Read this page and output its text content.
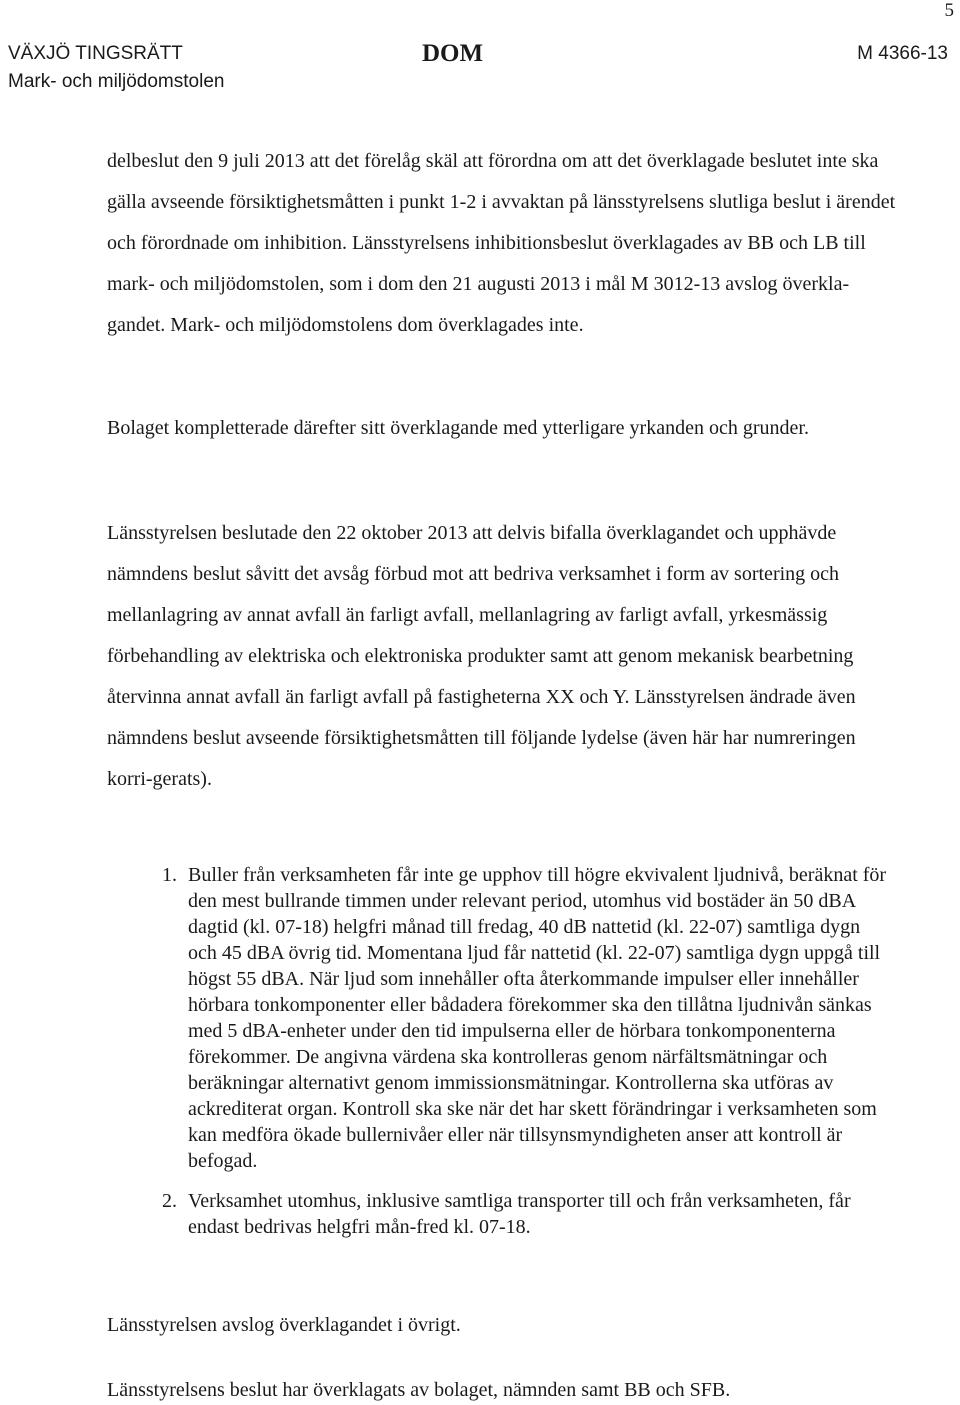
5
VÄXJÖ TINGSRÄTT
Mark- och miljödomstolen
DOM	M 4366-13

delbeslut den 9 juli 2013 att det förelåg skäl att förordna om att det överklagade beslutet inte ska gälla avseende försiktighetsmåtten i punkt 1-2 i avvaktan på länsstyrelsens slutliga beslut i ärendet och förordnade om inhibition. Länsstyrelsens inhibitionsbeslut överklagades av BB och LB till mark- och miljödomstolen, som i dom den 21 augusti 2013 i mål M 3012-13 avslog överkla-gandet. Mark- och miljödomstolens dom överklagades inte.

Bolaget kompletterade därefter sitt överklagande med ytterligare yrkanden och grunder.

Länsstyrelsen beslutade den 22 oktober 2013 att delvis bifalla överklagandet och upphävde nämndens beslut såvitt det avsåg förbud mot att bedriva verksamhet i form av sortering och mellanlagring av annat avfall än farligt avfall, mellanlagring av farligt avfall, yrkesmässig förbehandling av elektriska och elektroniska produkter samt att genom mekanisk bearbetning återvinna annat avfall än farligt avfall på fastigheterna XX och Y. Länsstyrelsen ändrade även nämndens beslut avseende försiktighetsmåtten till följande lydelse (även här har numreringen korri-gerats).

1. Buller från verksamheten får inte ge upphov till högre ekvivalent ljudnivå, beräknat för den mest bullrande timmen under relevant period, utomhus vid bostäder än 50 dBA dagtid (kl. 07-18) helgfri månad till fredag, 40 dB nattetid (kl. 22-07) samtliga dygn och 45 dBA övrig tid. Momentana ljud får nattetid (kl. 22-07) samtliga dygn uppgå till högst 55 dBA. När ljud som innehåller ofta återkommande impulser eller innehåller hörbara tonkomponenter eller bådadera förekommer ska den tillåtna ljudnivån sänkas med 5 dBA-enheter under den tid impulserna eller de hörbara tonkomponenterna förekommer. De angivna värdena ska kontrolleras genom närfältsmätningar och beräkningar alternativt genom immissionsmätningar. Kontrollerna ska utföras av ackrediterat organ. Kontroll ska ske när det har skett förändringar i verksamheten som kan medföra ökade bullernivåer eller när tillsynsmyndigheten anser att kontroll är befogad.
2. Verksamhet utomhus, inklusive samtliga transporter till och från verksamheten, får endast bedrivas helgfri mån-fred kl. 07-18.

Länsstyrelsen avslog överklagandet i övrigt.

Länsstyrelsens beslut har överklagats av bolaget, nämnden samt BB och SFB.
